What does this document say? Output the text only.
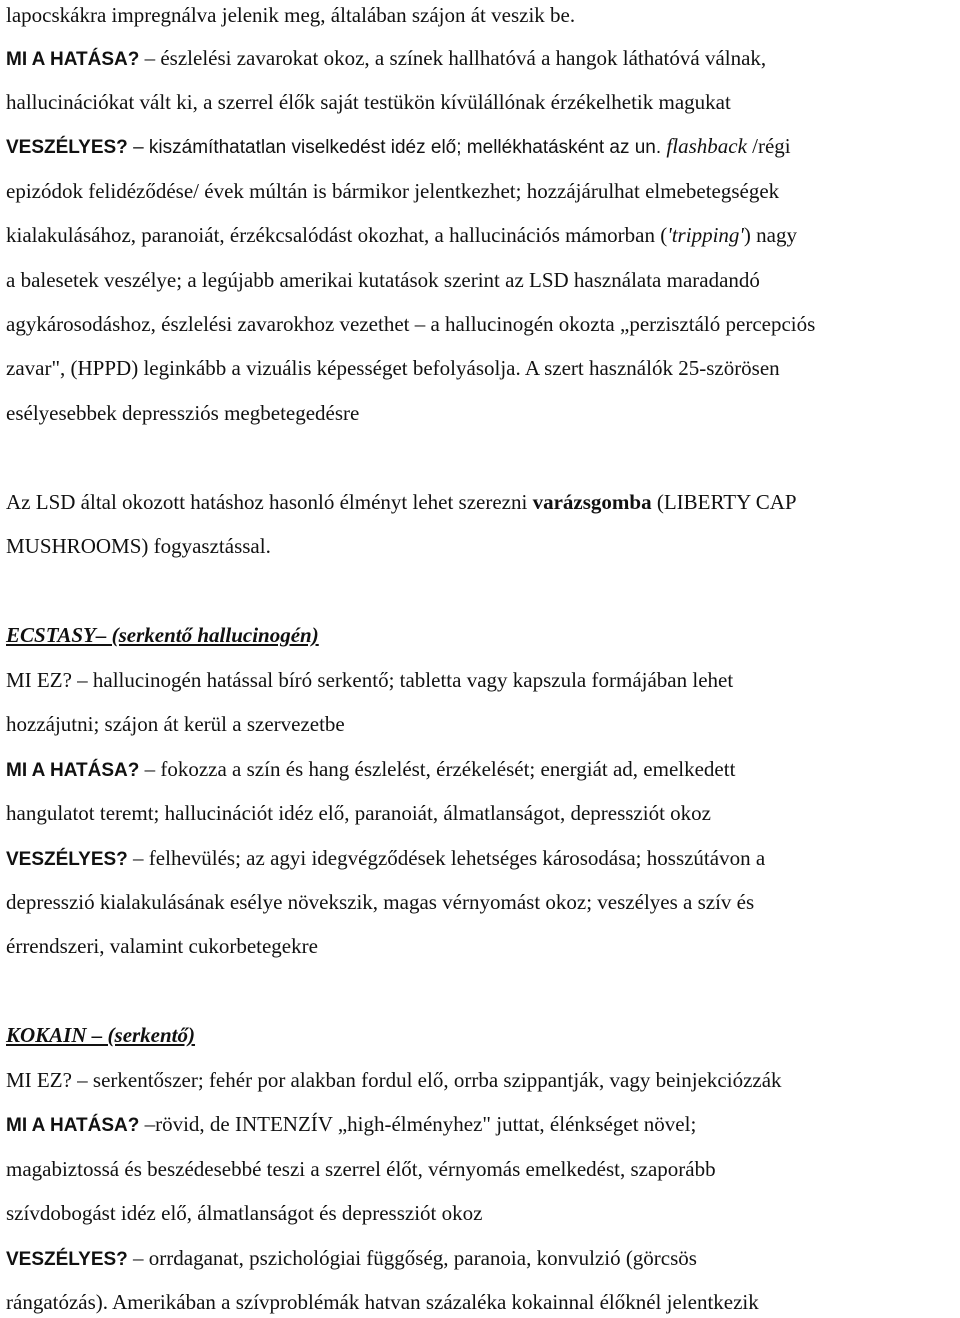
lapocskákra impregnálva jelenik meg, általában szájon át veszik be.
MI A HATÁSA? – észlelési zavarokat okoz, a színek hallhatóvá a hangok láthatóvá válnak,
hallucinációkat vált ki, a szerrel élők saját testükön kívülállónak érzékelhetik magukat
VESZÉLYES? – kiszámíthatatlan viselkedést idéz elő; mellékhatásként az un. flashback /régi
epizódok felidéződése/ évek múltán is bármikor jelentkezhet; hozzájárulhat elmebetegségek
kialakulásához, paranoiát, érzékcsalódást okozhat, a hallucinációs mámorban ('tripping') nagy
a balesetek veszélye; a legújabb amerikai kutatások szerint az LSD használata maradandó
agykárosodáshoz, észlelési zavarokhoz vezethet – a hallucinogén okozta „perzisztáló percepciós
zavar", (HPPD) leginkább a vizuális képességet befolyásolja. A szert használók 25-szörösen
esélyesebbek depressziós megbetegedésre
Az LSD által okozott hatáshoz hasonló élményt lehet szerezni varázsgomba (LIBERTY CAP
MUSHROOMS) fogyasztással.
ECSTASY– (serkentő hallucinogén)
MI EZ? – hallucinogén hatással bíró serkentő; tabletta vagy kapszula formájában lehet
hozzájutni; szájon át kerül a szervezetbe
MI A HATÁSA? – fokozza a szín és hang észlelést, érzékelését; energiát ad, emelkedett
hangulatot teremt; hallucinációt idéz elő, paranoiát, álmatlanságot, depressziót okoz
VESZÉLYES? – felhevülés; az agyi idegvégződések lehetséges károsodása; hosszútávon a
depresszió kialakulásának esélye növekszik, magas vérnyomást okoz; veszélyes a szív és
érrendszeri, valamint cukorbetegekre
KOKAIN – (serkentő)
MI EZ? – serkentőszer; fehér por alakban fordul elő, orrba szippantják, vagy beinjekciózzák
MI A HATÁSA? –rövid, de INTENZÍV „high-élményhez" juttat, élénkséget növel;
magabiztossá és beszédesebbé teszi a szerrel élőt, vérnyomás emelkedést, szaporább
szívdobogást idéz elő, álmatlanságot és depressziót okoz
VESZÉLYES? – orrdaganat, pszichológiai függőség, paranoia, konvulzió (görcsös
rángatózás). Amerikában a szívproblémák hatvan százaléka kokainnal élőknél jelentkezik
